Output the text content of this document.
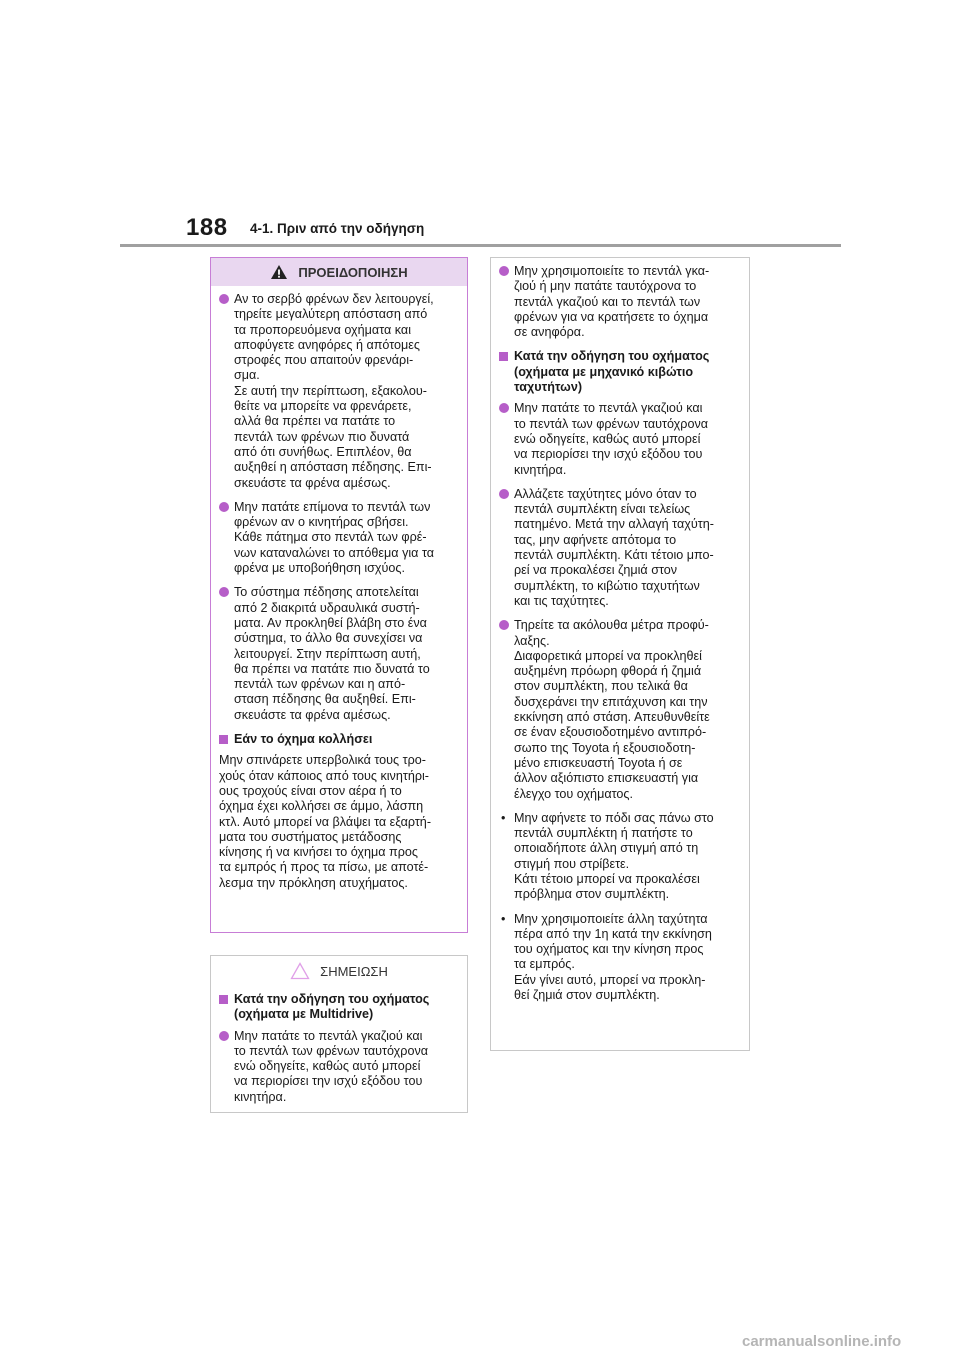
188 4-1. Πριν από την οδήγηση
ΠΡΟΕΙΔΟΠΟΙΗΣΗ
Αν το σερβό φρένων δεν λειτουργεί,
τηρείτε μεγαλύτερη απόσταση από
τα προπορευόμενα οχήματα και
αποφύγετε ανηφόρες ή απότομες
στροφές που απαιτούν φρενάρι-
σμα.
Σε αυτή την περίπτωση, εξακολου-
θείτε να μπορείτε να φρενάρετε,
αλλά θα πρέπει να πατάτε το
πεντάλ των φρένων πιο δυνατά
από ότι συνήθως. Επιπλέον, θα
αυξηθεί η απόσταση πέδησης. Επι-
σκευάστε τα φρένα αμέσως.
Μην πατάτε επίμονα το πεντάλ των
φρένων αν ο κινητήρας σβήσει.
Κάθε πάτημα στο πεντάλ των φρέ-
νων καταναλώνει το απόθεμα για τα
φρένα με υποβοήθηση ισχύος.
Το σύστημα πέδησης αποτελείται
από 2 διακριτά υδραυλικά συστή-
ματα. Αν προκληθεί βλάβη στο ένα
σύστημα, το άλλο θα συνεχίσει να
λειτουργεί. Στην περίπτωση αυτή,
θα πρέπει να πατάτε πιο δυνατά το
πεντάλ των φρένων και η από-
σταση πέδησης θα αυξηθεί. Επι-
σκευάστε τα φρένα αμέσως.
Εάν το όχημα κολλήσει
Μην σπινάρετε υπερβολικά τους τρο-
χούς όταν κάποιος από τους κινητήρι-
ους τροχούς είναι στον αέρα ή το
όχημα έχει κολλήσει σε άμμο, λάσπη
κτλ. Αυτό μπορεί να βλάψει τα εξαρτή-
ματα του συστήματος μετάδοσης
κίνησης ή να κινήσει το όχημα προς
τα εμπρός ή προς τα πίσω, με αποτέ-
λεσμα την πρόκληση ατυχήματος.
ΣΗΜΕΙΩΣΗ
Κατά την οδήγηση του οχήματος
(οχήματα με Multidrive)
Μην πατάτε το πεντάλ γκαζιού και
το πεντάλ των φρένων ταυτόχρονα
ενώ οδηγείτε, καθώς αυτό μπορεί
να περιορίσει την ισχύ εξόδου του
κινητήρα.
Μην χρησιμοποιείτε το πεντάλ γκα-
ζιού ή μην πατάτε ταυτόχρονα το
πεντάλ γκαζιού και το πεντάλ των
φρένων για να κρατήσετε το όχημα
σε ανηφόρα.
Κατά την οδήγηση του οχήματος
(οχήματα με μηχανικό κιβώτιο
ταχυτήτων)
Μην πατάτε το πεντάλ γκαζιού και
το πεντάλ των φρένων ταυτόχρονα
ενώ οδηγείτε, καθώς αυτό μπορεί
να περιορίσει την ισχύ εξόδου του
κινητήρα.
Αλλάζετε ταχύτητες μόνο όταν το
πεντάλ συμπλέκτη είναι τελείως
πατημένο. Μετά την αλλαγή ταχύτη-
τας, μην αφήνετε απότομα το
πεντάλ συμπλέκτη. Κάτι τέτοιο μπο-
ρεί να προκαλέσει ζημιά στον
συμπλέκτη, το κιβώτιο ταχυτήτων
και τις ταχύτητες.
Τηρείτε τα ακόλουθα μέτρα προφύ-
λαξης.
Διαφορετικά μπορεί να προκληθεί
αυξημένη πρόωρη φθορά ή ζημιά
στον συμπλέκτη, που τελικά θα
δυσχεράνει την επιτάχυνση και την
εκκίνηση από στάση. Απευθυνθείτε
σε έναν εξουσιοδοτημένο αντιπρό-
σωπο της Toyota ή εξουσιοδοτη-
μένο επισκευαστή Toyota ή σε
άλλον αξιόπιστο επισκευαστή για
έλεγχο του οχήματος.
• Μην αφήνετε το πόδι σας πάνω στο
πεντάλ συμπλέκτη ή πατήστε το
οποιαδήποτε άλλη στιγμή από τη
στιγμή που στρίβετε.
Κάτι τέτοιο μπορεί να προκαλέσει
πρόβλημα στον συμπλέκτη.
• Μην χρησιμοποιείτε άλλη ταχύτητα
πέρα από την 1η κατά την εκκίνηση
του οχήματος και την κίνηση προς
τα εμπρός.
Εάν γίνει αυτό, μπορεί να προκλη-
θεί ζημιά στον συμπλέκτη.
carmanualsonline.info
